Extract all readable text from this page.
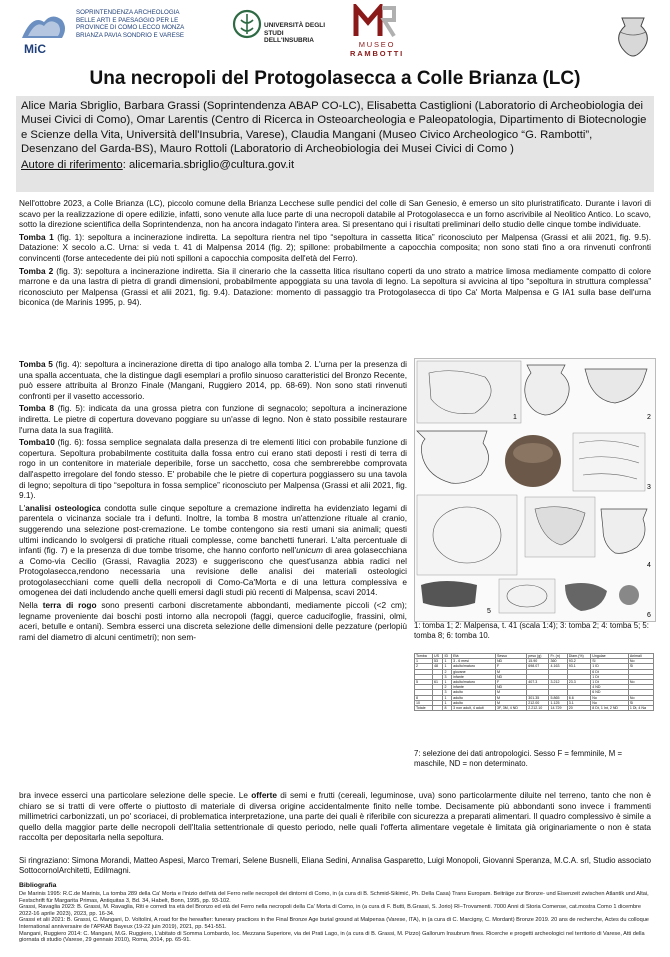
MiC
SOPRINTENDENZA ARCHEOLOGIA
BELLE ARTI E PAESAGGIO PER LE
PROVINCE DI COMO LECCO MONZA
BRIANZA PAVIA SONDRIO E VARESE
UNIVERSITÀ DEGLI STUDI
DELL'INSUBRIA	MUSEO
RAMBOTTI
Una necropoli del Protogolasecca a Colle Brianza (LC)

Alice Maria Sbriglio, Barbara Grassi (Soprintendenza ABAP CO-LC), Elisabetta Castiglioni (Laboratorio di Archeobiologia dei Musei Civici di Como), Omar Larentis (Centro di Ricerca in Osteoarcheologia e Paleopatologia, Dipartimento di Biotecnologie e Scienze della Vita, Università dell'Insubria, Varese), Claudia Mangani (Museo Civico Archeologico “G. Rambotti”, Desenzano del Garda-BS), Mauro Rottoli (Laboratorio di Archeobiologia dei Musei Civici di Como )

Autore di riferimento: alicemaria.sbriglio@cultura.gov.it

Nell'ottobre 2023, a Colle Brianza (LC), piccolo comune della Brianza Lecchese sulle pendici del colle di San Genesio, è emerso un sito pluristratificato. Durante i lavori di scavo per la realizzazione di opere edilizie, infatti, sono venute alla luce parte di una necropoli databile al Protogolasecca e un forno ascrivibile al Neolitico Antico. Lo scavo, sotto la direzione scientifica della Soprintendenza, non ha ancora indagato l'intera area. Si presentano qui i risultati preliminari dello studio delle cinque tombe individuate.

Tomba 1 (fig. 1): sepoltura a incinerazione indiretta. La sepoltura rientra nel tipo “sepoltura in cassetta litica” riconosciuto per Malpensa (Grassi et alii 2021, fig. 9.5). Datazione: X secolo a.C. Urna: si veda t. 41 di Malpensa 2014 (fig. 2); spillone: probabilmente a capocchia composita; non sono stati fino a ora rinvenuti confronti convincenti (forse antecedente dei più noti spilloni a capocchia composita dell'età del Ferro).

Tomba 2 (fig. 3): sepoltura a incinerazione indiretta. Sia il cinerario che la cassetta litica risultano coperti da uno strato a matrice limosa mediamente compatto di colore marrone e da una lastra di pietra di grandi dimensioni, probabilmente appoggiata su una tavola di legno. La sepoltura si avvicina al tipo “sepoltura in struttura complessa” riconosciuto per Malpensa (Grassi et alii 2021, fig. 9.4). Datazione: momento di passaggio tra Protogolasecca di tipo Ca' Morta Malpensa e G IA1 sulla base dell'urna biconica (de Marinis 1995, p. 94).

Tomba 5 (fig. 4): sepoltura a incinerazione diretta di tipo analogo alla tomba 2. L'urna per la presenza di una spalla accentuata, che la distingue dagli esemplari a profilo sinuoso caratteristici del Bronzo Recente, può essere attribuita al Bronzo Finale (Mangani, Ruggiero 2014, pp. 68-69). Non sono stati rinvenuti confronti per il vasetto accessorio.

Tomba 8 (fig. 5): indicata da una grossa pietra con funzione di segnacolo; sepoltura a incinerazione indiretta. Le pietre di copertura dovevano poggiare su un'asse di legno. Non è stato possibile restaurare l'urna data la sua fragilità.

Tomba10 (fig. 6): fossa semplice segnalata dalla presenza di tre elementi litici con probabile funzione di copertura. Sepoltura probabilmente costituita dalla fossa entro cui erano stati deposti i resti di terra di rogo in un contenitore in materiale deperibile, forse un sacchetto, cosa che sembrerebbe comprovata dall'aspetto irregolare del fondo stesso. E' probabile che le pietre di copertura poggiassero su una tavola di legno; sepoltura di tipo “sepoltura in fossa semplice” riconosciuto per Malpensa (Grassi et alii 2021, fig. 9.1).

L'analisi osteologica condotta sulle cinque sepolture a cremazione indiretta ha evidenziato legami di parentela o vicinanza sociale tra i defunti. Inoltre, la tomba 8 mostra un'attenzione rituale al cranio, suggerendo una selezione post-cremazione. Le tombe contengono sia resti umani sia animali; questi ultimi indicando lo svolgersi di pratiche rituali complesse, come banchetti funerari. L'alta percentuale di infanti (fig. 7) e la presenza di due tombe trisome, che hanno conforto nell'unicum di area golasecchiana a Como-via Cecilio (Grassi, Ravaglia 2023) e suggeriscono che quest'usanza abbia radici nel Protogolasecca,rendono necessaria una revisione delle analisi dei materiali osteologici protogolasecchiani come quelli della necropoli di Como-Ca'Morta e di una lettura complessiva e omogenea dei dati includendo anche quelli emersi dagli studi più recenti di Malpensa, scavi 2014.

Nella terra di rogo sono presenti carboni discretamente abbondanti, mediamente piccoli (<2 cm); legname proveniente dai boschi posti intorno alla necropoli (faggi, querce caducifoglie, frassini, olmi, aceri, betulle e ontani). Sembra esserci una discreta selezione delle dimensioni delle pezzature (perlopiù rami del diametro di alcuni centimetri); non sem-

bra invece esserci una particolare selezione delle specie. Le offerte di semi e frutti (cereali, leguminose, uva) sono particolarmente diluite nel terreno, tanto che non è chiaro se si tratti di vere offerte o piuttosto di materiale di diversa origine accidentalmente finito nelle tombe. Decisamente più abbondanti sono invece i frammenti millimetrici carbonizzati, un po' scoriacei, di problematica interpretazione, una parte dei quali è riferibile con sicurezza a preparati alimentari. Il quadro complessivo è simile a quello della maggior parte delle necropoli dell'Italia settentrionale di questo periodo, nelle quali l'offerta alimentare vegetale è limitata già originariamente o non è stata raccolta per depositarla nella sepoltura.

1	2
3
4
5
6
1: tomba 1; 2: Malpensa, t. 41 (scala 1:4); 3: tomba 2; 4: tomba 5; 5: tomba 8; 6: tomba 10.
Tomba	US	ID	Età	Sesso	peso (g)	Fr. (n)	Diam.(%)	Ungulae	Animali
1	53	1	3 - 6 mesi	ND	15.90	360	93.2	Si	No
2	48	1	adulto/maturo	F	698.07	4.163	93.1	1 ID	Si
		2	giovane	M				6 Dt	
		3	infante	ND				1 Dt	
5	61	1	adulto/maturo	F	407.3	3.212	23.3	1 Dt	No
		2	infante	ND				4 ND	
		3	adulto	M				6 ND	
8		1	adulto	M	301.35	5.865	6.6	No	No
10		1	adulto	M	212.00	1.125	3.1	No	Si
Totale		8	3 non adult, 4 adult	3F, 3M, 4 ND	2.212.10	14.729	20	8 Dt, 1 Int, 2 ND	1 Dt, 4 Na
7: selezione dei dati antropologici. Sesso F = femminile, M = maschile, ND = non determinato.
Si ringraziano: Simona Morandi, Matteo Aspesi, Marco Tremari, Selene Busnelli, Eliana Sedini, Annalisa Gasparetto, Luigi Monopoli, Giovanni Speranza, M.C.A. srl, Studio associato SottocornolArchitetti, Edilmagni.
Bibliografia

De Marinis 1995: R.C.de Marinis, La tomba 289 della Ca' Morta e l'inizio dell'età del Ferro nelle necropoli dei dintorni di Como, in (a cura di B. Schmid-Sikimić, Ph. Della Casa) Trans Europam. Beiträge zur Bronze- und Eisenzeit zwischen Atlantik und Altai, Festschrift für Margarita Primas, Antiquitas 3, Bd. 34, Habelt, Bonn, 1995, pp. 93-102.

Grassi, Ravaglia 2023: B. Grassi, M. Ravaglia, Riti e corredi tra età del Bronzo ed età del Ferro nella necropoli della Ca' Morta di Como, in (a cura di F. Butti, B.Grassi, S. Jorio) RI–Trovamenti. 7000 Anni di Storia Comense, cat.mostra Como 1 dicembre 2022-16 aprile 2023), 2023, pp. 16-34.

Grassi et alii 2021: B. Grassi, C. Mangani, D. Voltolini, A road for the hereafter: funerary practices in the Final Bronze Age burial ground at Malpensa (Varese, ITA), in (a cura di C. Marcigny, C. Mordant) Bronze 2019. 20 ans de recherche, Actes du colloque International anniversaire de l'APRAB Bayeux (19-22 juin 2019), 2021, pp. 541-551.

Mangani, Ruggiero 2014: C. Mangani, M.G. Ruggiero, L'abitato di Somma Lombardo, loc. Mezzana Superiore, via dei Prati Lago, in (a cura di B. Grassi, M. Pizzo) Gallorum Insubrum fines. Ricerche e progetti archeologici nel territorio di Varese, Atti della giornata di studio (Varese, 29 gennaio 2010), Roma, 2014, pp. 65-91.
